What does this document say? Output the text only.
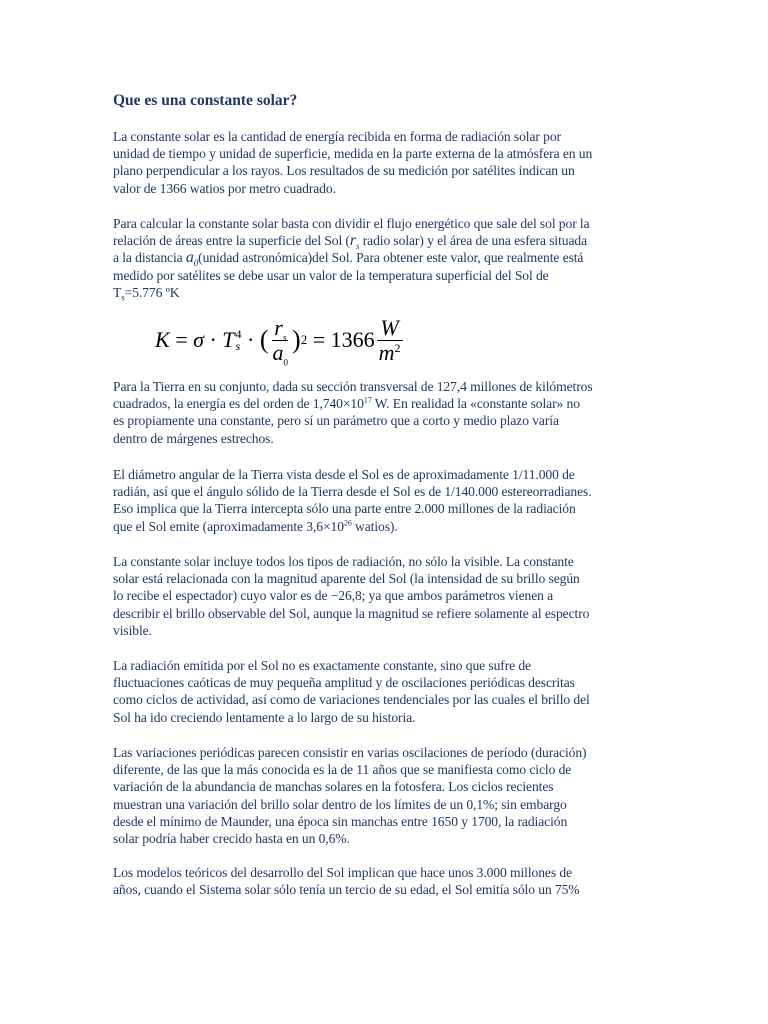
Que es una constante solar?

La constante solar es la cantidad de energía recibida en forma de radiación solar por
unidad de tiempo y unidad de superficie, medida en la parte externa de la atmósfera en un
plano perpendicular a los rayos. Los resultados de su medición por satélites indican un
valor de 1366 watios por metro cuadrado.

Para calcular la constante solar basta con dividir el flujo energético que sale del sol por la
relación de áreas entre la superficie del Sol ($r_s$ radio solar) y el área de una esfera situada
a la distancia $a_0(unidad$ astronómica)del Sol. Para obtener este valor, que realmente está
medido por satélites se debe usar un valor de la temperatura superficial del Sol de
$T_s=5.776$ ºK

K
=
σ
·
T 4
s
·
( $\frac{r_s}{a_0}$ ) 2
=
$1366 \frac{W}{m^2}$

Para la Tierra en su conjunto, dada su sección transversal de 127,4 millones de kilómetros
cuadrados, la energía es del orden de $1,740\times 10^{17}$ W. En realidad la «constante solar» no
es propiamente una constante, pero sí un parámetro que a corto y medio plazo varía
dentro de márgenes estrechos.

El diámetro angular de la Tierra vista desde el Sol es de aproximadamente 1/11.000 de
radián, así que el ángulo sólido de la Tierra desde el Sol es de 1/140.000 estereorradianes.
Eso implica que la Tierra intercepta sólo una parte entre 2.000 millones de la radiación
que el Sol emite (aproximadamente $3,6\times 10^{26}$ watios).

La constante solar incluye todos los tipos de radiación, no sólo la visible. La constante
solar está relacionada con la magnitud aparente del Sol (la intensidad de su brillo según
lo recibe el espectador) cuyo valor es de −26,8; ya que ambos parámetros vienen a
describir el brillo observable del Sol, aunque la magnitud se refiere solamente al espectro
visible.

La radiación emitida por el Sol no es exactamente constante, sino que sufre de
fluctuaciones caóticas de muy pequeña amplitud y de oscilaciones periódicas descritas
como ciclos de actividad, así como de variaciones tendenciales por las cuales el brillo del
Sol ha ido creciendo lentamente a lo largo de su historia.

Las variaciones periódicas parecen consistir en varias oscilaciones de período (duración)
diferente, de las que la más conocida es la de 11 años que se manifiesta como ciclo de
variación de la abundancia de manchas solares en la fotosfera. Los ciclos recientes
muestran una variación del brillo solar dentro de los límites de un 0,1%; sin embargo
desde el mínimo de Maunder, una época sin manchas entre 1650 y 1700, la radiación
solar podría haber crecido hasta en un 0,6%.

Los modelos teóricos del desarrollo del Sol implican que hace unos 3.000 millones de
años, cuando el Sistema solar sólo tenía un tercio de su edad, el Sol emitía sólo un 75%
